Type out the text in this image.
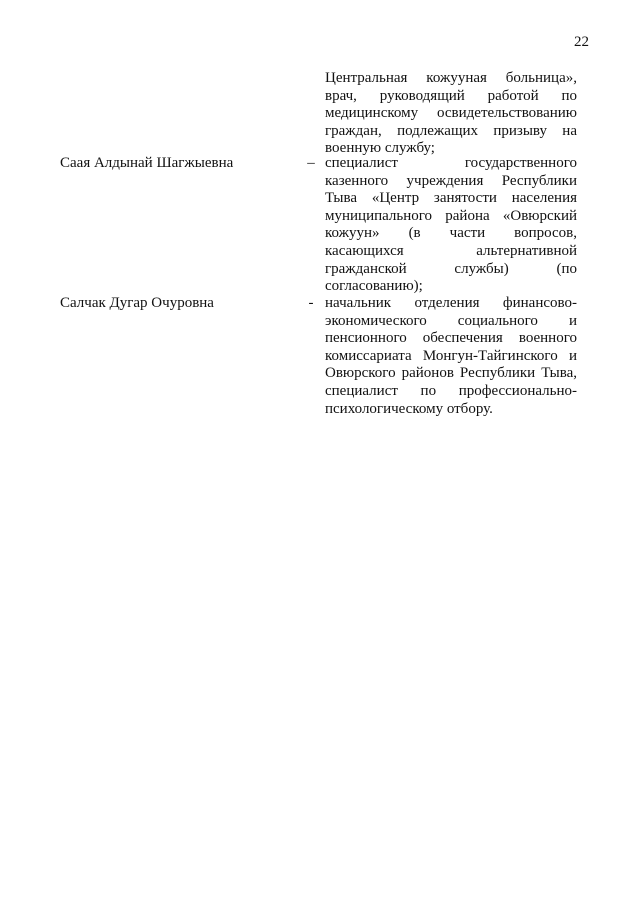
22
Центральная кожууная больница»,
врач, руководящий работой по
медицинскому освидетельствованию
граждан, подлежащих призыву на
военную службу;
Саая Алдынай Шагжыевна	– специалист государственного
казенного учреждения Республики
Тыва «Центр занятости населения
муниципального района «Овюрский
кожуун» (в части вопросов,
касающихся альтернативной
гражданской службы) (по
согласованию);
Салчак Дугар Очуровна	- начальник отделения финансово-
экономического социального и
пенсионного обеспечения военного
комиссариата Монгун-Тайгинского и
Овюрского районов Республики Тыва,
специалист по профессионально-
психологическому отбору.
